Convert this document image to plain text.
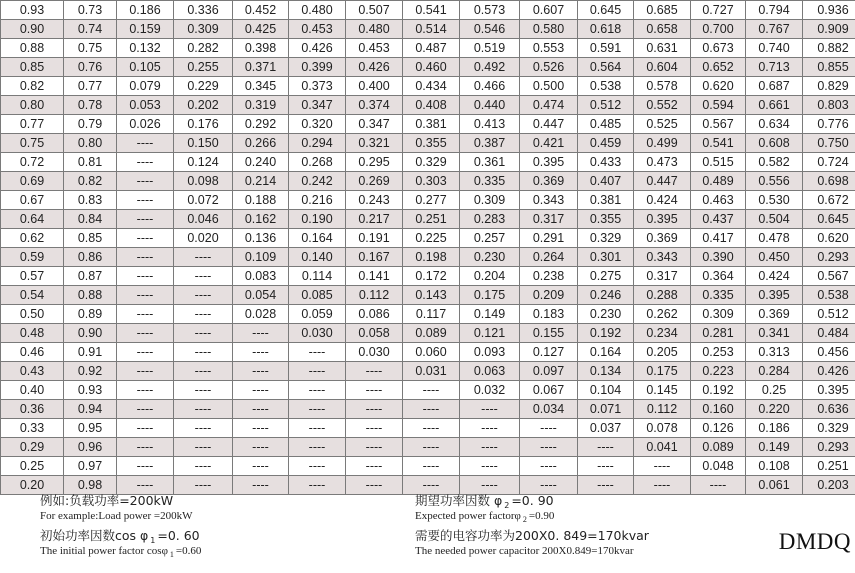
0.93	0.73	0.186	0.336	0.452	0.480	0.507	0.541	0.573	0.607	0.645	0.685	0.727	0.794	0.936
0.90	0.74	0.159	0.309	0.425	0.453	0.480	0.514	0.546	0.580	0.618	0.658	0.700	0.767	0.909
0.88	0.75	0.132	0.282	0.398	0.426	0.453	0.487	0.519	0.553	0.591	0.631	0.673	0.740	0.882
0.85	0.76	0.105	0.255	0.371	0.399	0.426	0.460	0.492	0.526	0.564	0.604	0.652	0.713	0.855
0.82	0.77	0.079	0.229	0.345	0.373	0.400	0.434	0.466	0.500	0.538	0.578	0.620	0.687	0.829
0.80	0.78	0.053	0.202	0.319	0.347	0.374	0.408	0.440	0.474	0.512	0.552	0.594	0.661	0.803
0.77	0.79	0.026	0.176	0.292	0.320	0.347	0.381	0.413	0.447	0.485	0.525	0.567	0.634	0.776
0.75	0.80	----	0.150	0.266	0.294	0.321	0.355	0.387	0.421	0.459	0.499	0.541	0.608	0.750
0.72	0.81	----	0.124	0.240	0.268	0.295	0.329	0.361	0.395	0.433	0.473	0.515	0.582	0.724
0.69	0.82	----	0.098	0.214	0.242	0.269	0.303	0.335	0.369	0.407	0.447	0.489	0.556	0.698
0.67	0.83	----	0.072	0.188	0.216	0.243	0.277	0.309	0.343	0.381	0.424	0.463	0.530	0.672
0.64	0.84	----	0.046	0.162	0.190	0.217	0.251	0.283	0.317	0.355	0.395	0.437	0.504	0.645
0.62	0.85	----	0.020	0.136	0.164	0.191	0.225	0.257	0.291	0.329	0.369	0.417	0.478	0.620
0.59	0.86	----	----	0.109	0.140	0.167	0.198	0.230	0.264	0.301	0.343	0.390	0.450	0.293
0.57	0.87	----	----	0.083	0.114	0.141	0.172	0.204	0.238	0.275	0.317	0.364	0.424	0.567
0.54	0.88	----	----	0.054	0.085	0.112	0.143	0.175	0.209	0.246	0.288	0.335	0.395	0.538
0.50	0.89	----	----	0.028	0.059	0.086	0.117	0.149	0.183	0.230	0.262	0.309	0.369	0.512
0.48	0.90	----	----	----	0.030	0.058	0.089	0.121	0.155	0.192	0.234	0.281	0.341	0.484
0.46	0.91	----	----	----	----	0.030	0.060	0.093	0.127	0.164	0.205	0.253	0.313	0.456
0.43	0.92	----	----	----	----	----	0.031	0.063	0.097	0.134	0.175	0.223	0.284	0.426
0.40	0.93	----	----	----	----	----	----	0.032	0.067	0.104	0.145	0.192	0.25	0.395
0.36	0.94	----	----	----	----	----	----	----	0.034	0.071	0.112	0.160	0.220	0.636
0.33	0.95	----	----	----	----	----	----	----	----	0.037	0.078	0.126	0.186	0.329
0.29	0.96	----	----	----	----	----	----	----	----	----	0.041	0.089	0.149	0.293
0.25	0.97	----	----	----	----	----	----	----	----	----	----	0.048	0.108	0.251
0.20	0.98	----	----	----	----	----	----	----	----	----	----	----	0.061	0.203
例如:负载功率=200kW
For example:Load power =200kW
初始功率因数cos φ $_1$ =0. 60
The initial power factor cosφ $_1$ =0.60
期望功率因数 φ $_2$ =0. 90
Expected power factorφ $_2$ =0.90
需要的电容功率为200X0. 849=170kvar
The needed power capacitor 200X0.849=170kvar	DMDQ
